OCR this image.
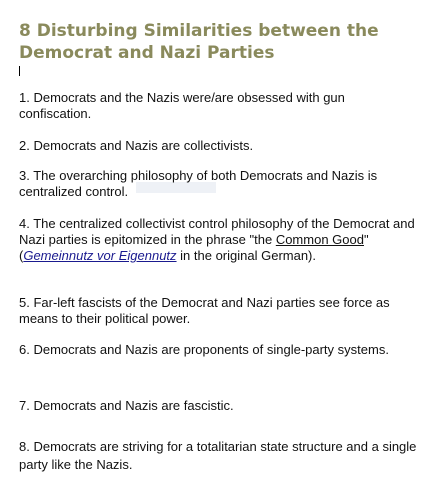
8 Disturbing Similarities between the Democrat and Nazi Parties

1. Democrats and the Nazis were/are obsessed with gun confiscation.

2. Democrats and Nazis are collectivists.

3. The overarching philosophy of both Democrats and Nazis is centralized control.

4. The centralized collectivist control philosophy of the Democrat and Nazi parties is epitomized in the phrase "the Common Good" (Gemeinnutz vor Eigennutz in the original German).

5. Far-left fascists of the Democrat and Nazi parties see force as means to their political power.

6. Democrats and Nazis are proponents of single-party systems.

7. Democrats and Nazis are fascistic.

8. Democrats are striving for a totalitarian state structure and a single party like the Nazis.
